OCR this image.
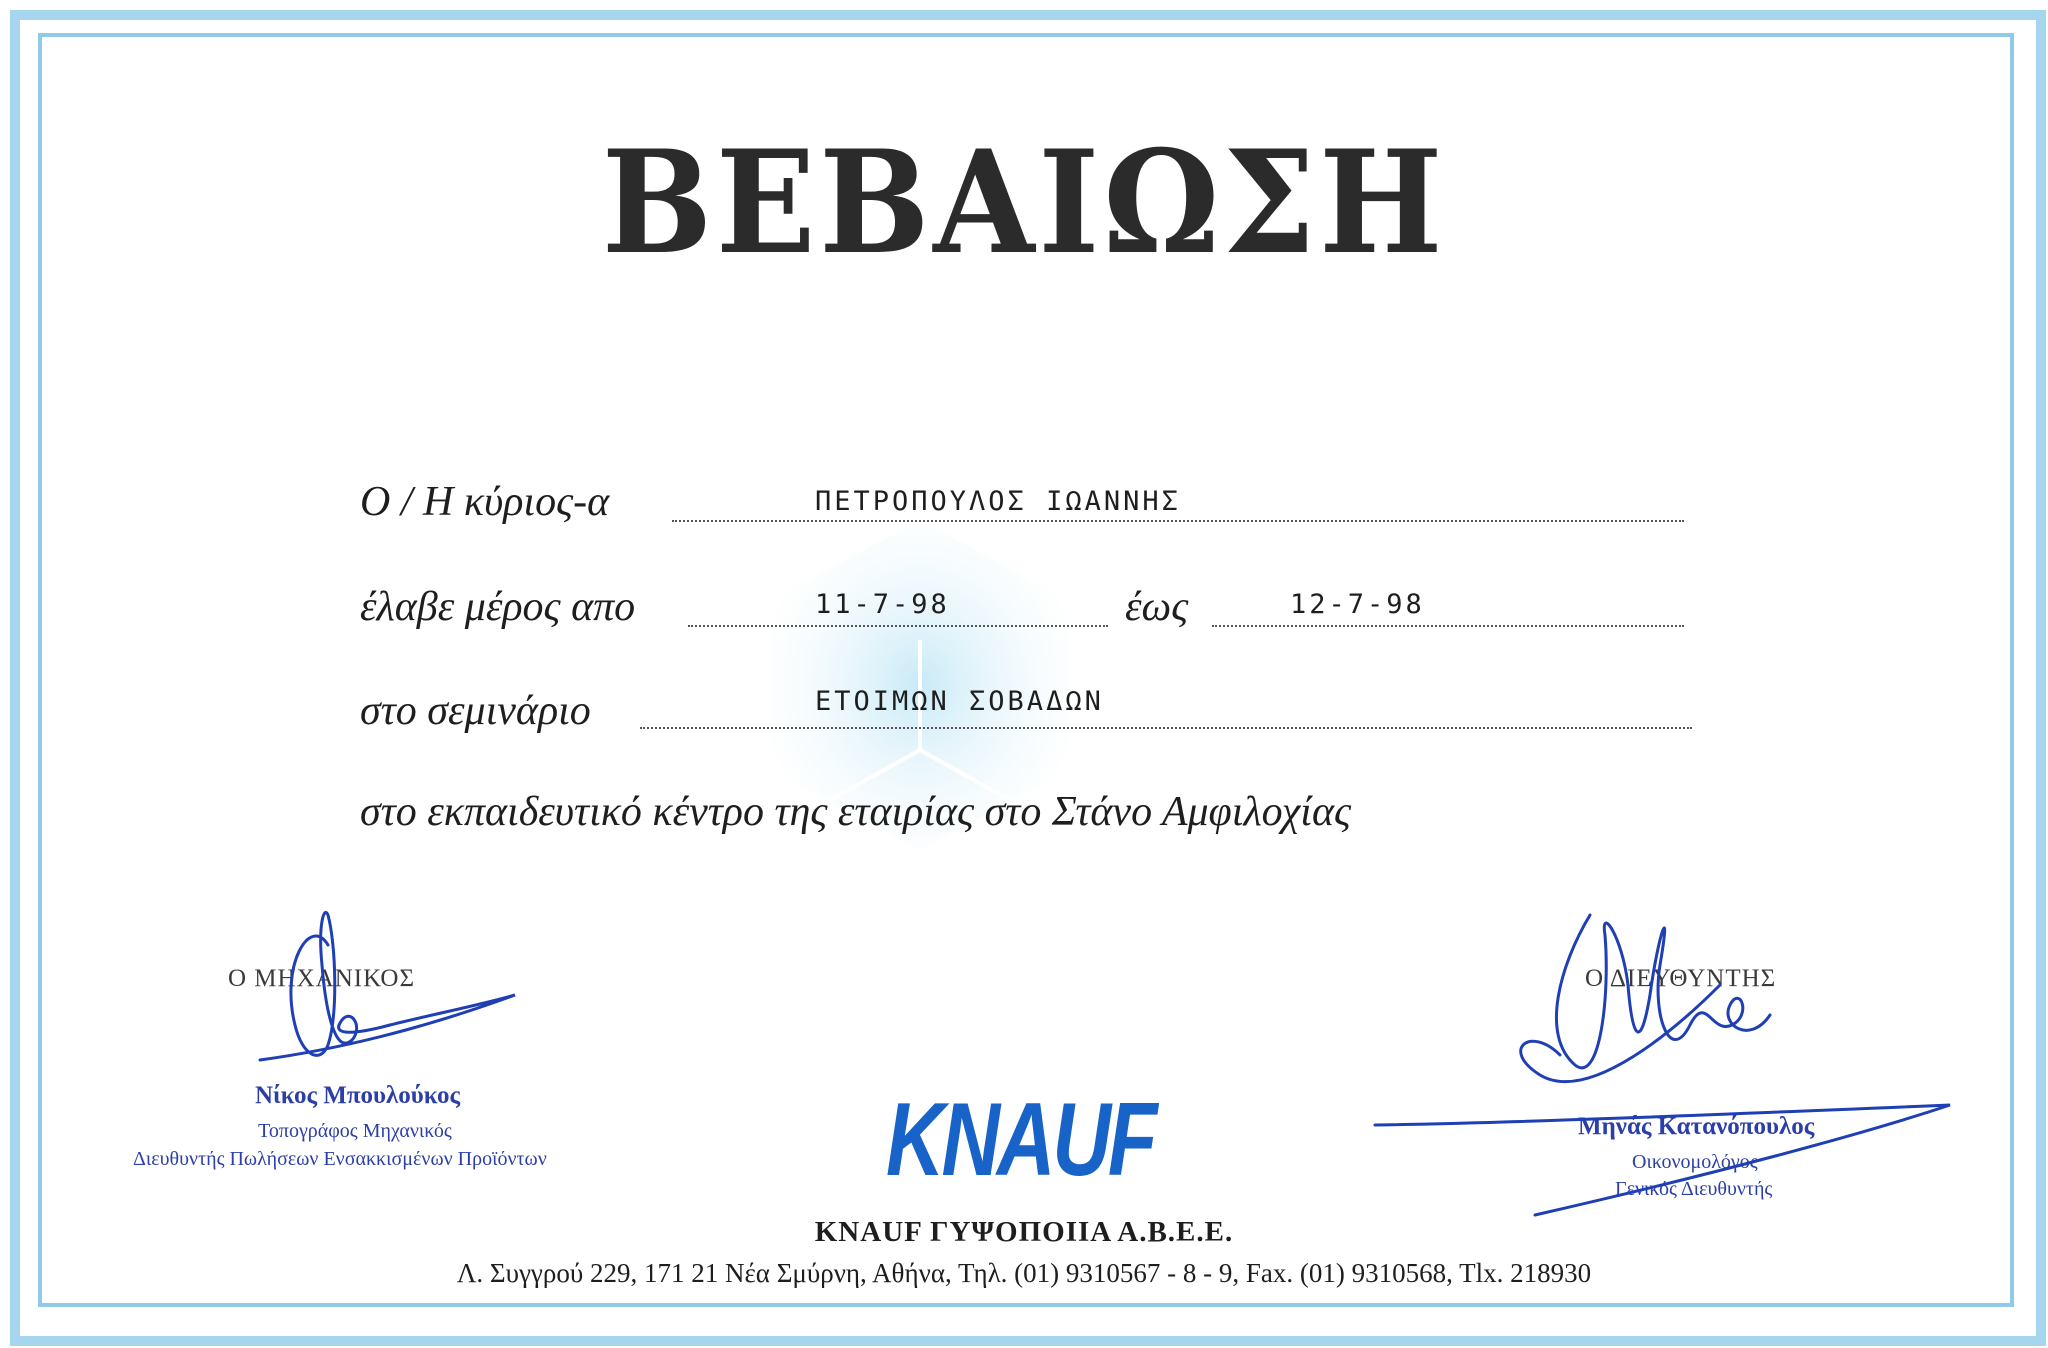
ΒΕΒΑΙΩΣΗ
Ο / Η κύριος-α	ΠΕΤΡΟΠΟΥΛΟΣ ΙΩΑΝΝΗΣ
έλαβε μέρος απο	11-7-98	έως	12-7-98
στο σεμινάριο	ΕΤΟΙΜΩΝ ΣΟΒΑΔΩΝ
στο εκπαιδευτικό κέντρο της εταιρίας στο Στάνο Αμφιλοχίας
Ο ΜΗΧΑΝΙΚΟΣ
Νίκος Μπουλούκος
Τοπογράφος Μηχανικός
Διευθυντής Πωλήσεων Ενσακκισμένων Προϊόντων
Ο ΔΙΕΥΘΥΝΤΗΣ
Μηνάς Κατανόπουλος
Οικονομολόγος
Γενικός Διευθυντής
KNAUF
KNAUF ΓΥΨΟΠΟΙΙΑ Α.Β.Ε.Ε.
Λ. Συγγρού 229, 171 21 Νέα Σμύρνη, Αθήνα, Τηλ. (01) 9310567 - 8 - 9, Fax. (01) 9310568, Tlx. 218930
